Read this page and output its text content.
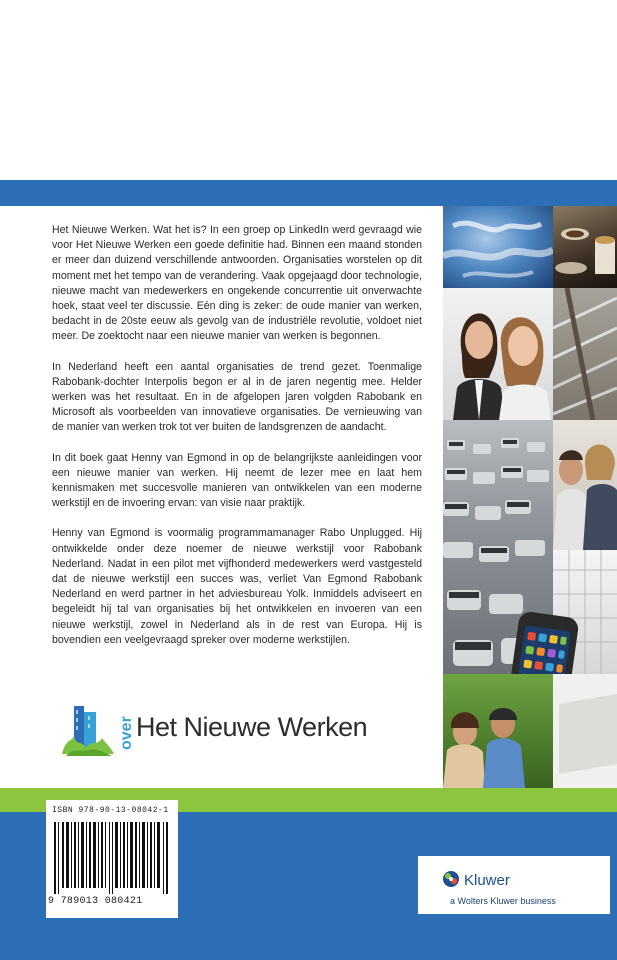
Het Nieuwe Werken. Wat het is? In een groep op LinkedIn werd gevraagd wie voor Het Nieuwe Werken een goede definitie had. Binnen een maand stonden er meer dan duizend verschillende antwoorden. Organisaties worstelen op dit moment met het tempo van de verandering. Vaak opgejaagd door technologie, nieuwe macht van medewerkers en ongekende concurrentie uit onverwachte hoek, staat veel ter discussie. Eén ding is zeker: de oude manier van werken, bedacht in de 20ste eeuw als gevolg van de industriële revolutie, voldoet niet meer. De zoektocht naar een nieuwe manier van werken is begonnen.

In Nederland heeft een aantal organisaties de trend gezet. Toenmalige Rabobank-dochter Interpolis begon er al in de jaren negentig mee. Helder werken was het resultaat. En in de afgelopen jaren volgden Rabobank en Microsoft als voorbeelden van innovatieve organisaties. De vernieuwing van de manier van werken trok tot ver buiten de landsgrenzen de aandacht.

In dit boek gaat Henny van Egmond in op de belangrijkste aanleidingen voor een nieuwe manier van werken. Hij neemt de lezer mee en laat hem kennismaken met succesvolle manieren van ontwikkelen van een moderne werkstijl en de invoering ervan: van visie naar praktijk.

Henny van Egmond is voormalig programmamanager Rabo Unplugged. Hij ontwikkelde onder deze noemer de nieuwe werkstijl voor Rabobank Nederland. Nadat in een pilot met vijfhonderd medewerkers werd vastgesteld dat de nieuwe werkstijl een succes was, verliet Van Egmond Rabobank Nederland en werd partner in het adviesbureau Yolk. Inmiddels adviseert en begeleidt hij tal van organisaties bij het ontwikkelen en invoeren van een nieuwe werkstijl, zowel in Nederland als in de rest van Europa. Hij is bovendien een veelgevraagd spreker over moderne werkstijlen.

over Het Nieuwe Werken
ISBN 978-90-13-08042-1
9 789013 080421
Kluwer
a Wolters Kluwer business
